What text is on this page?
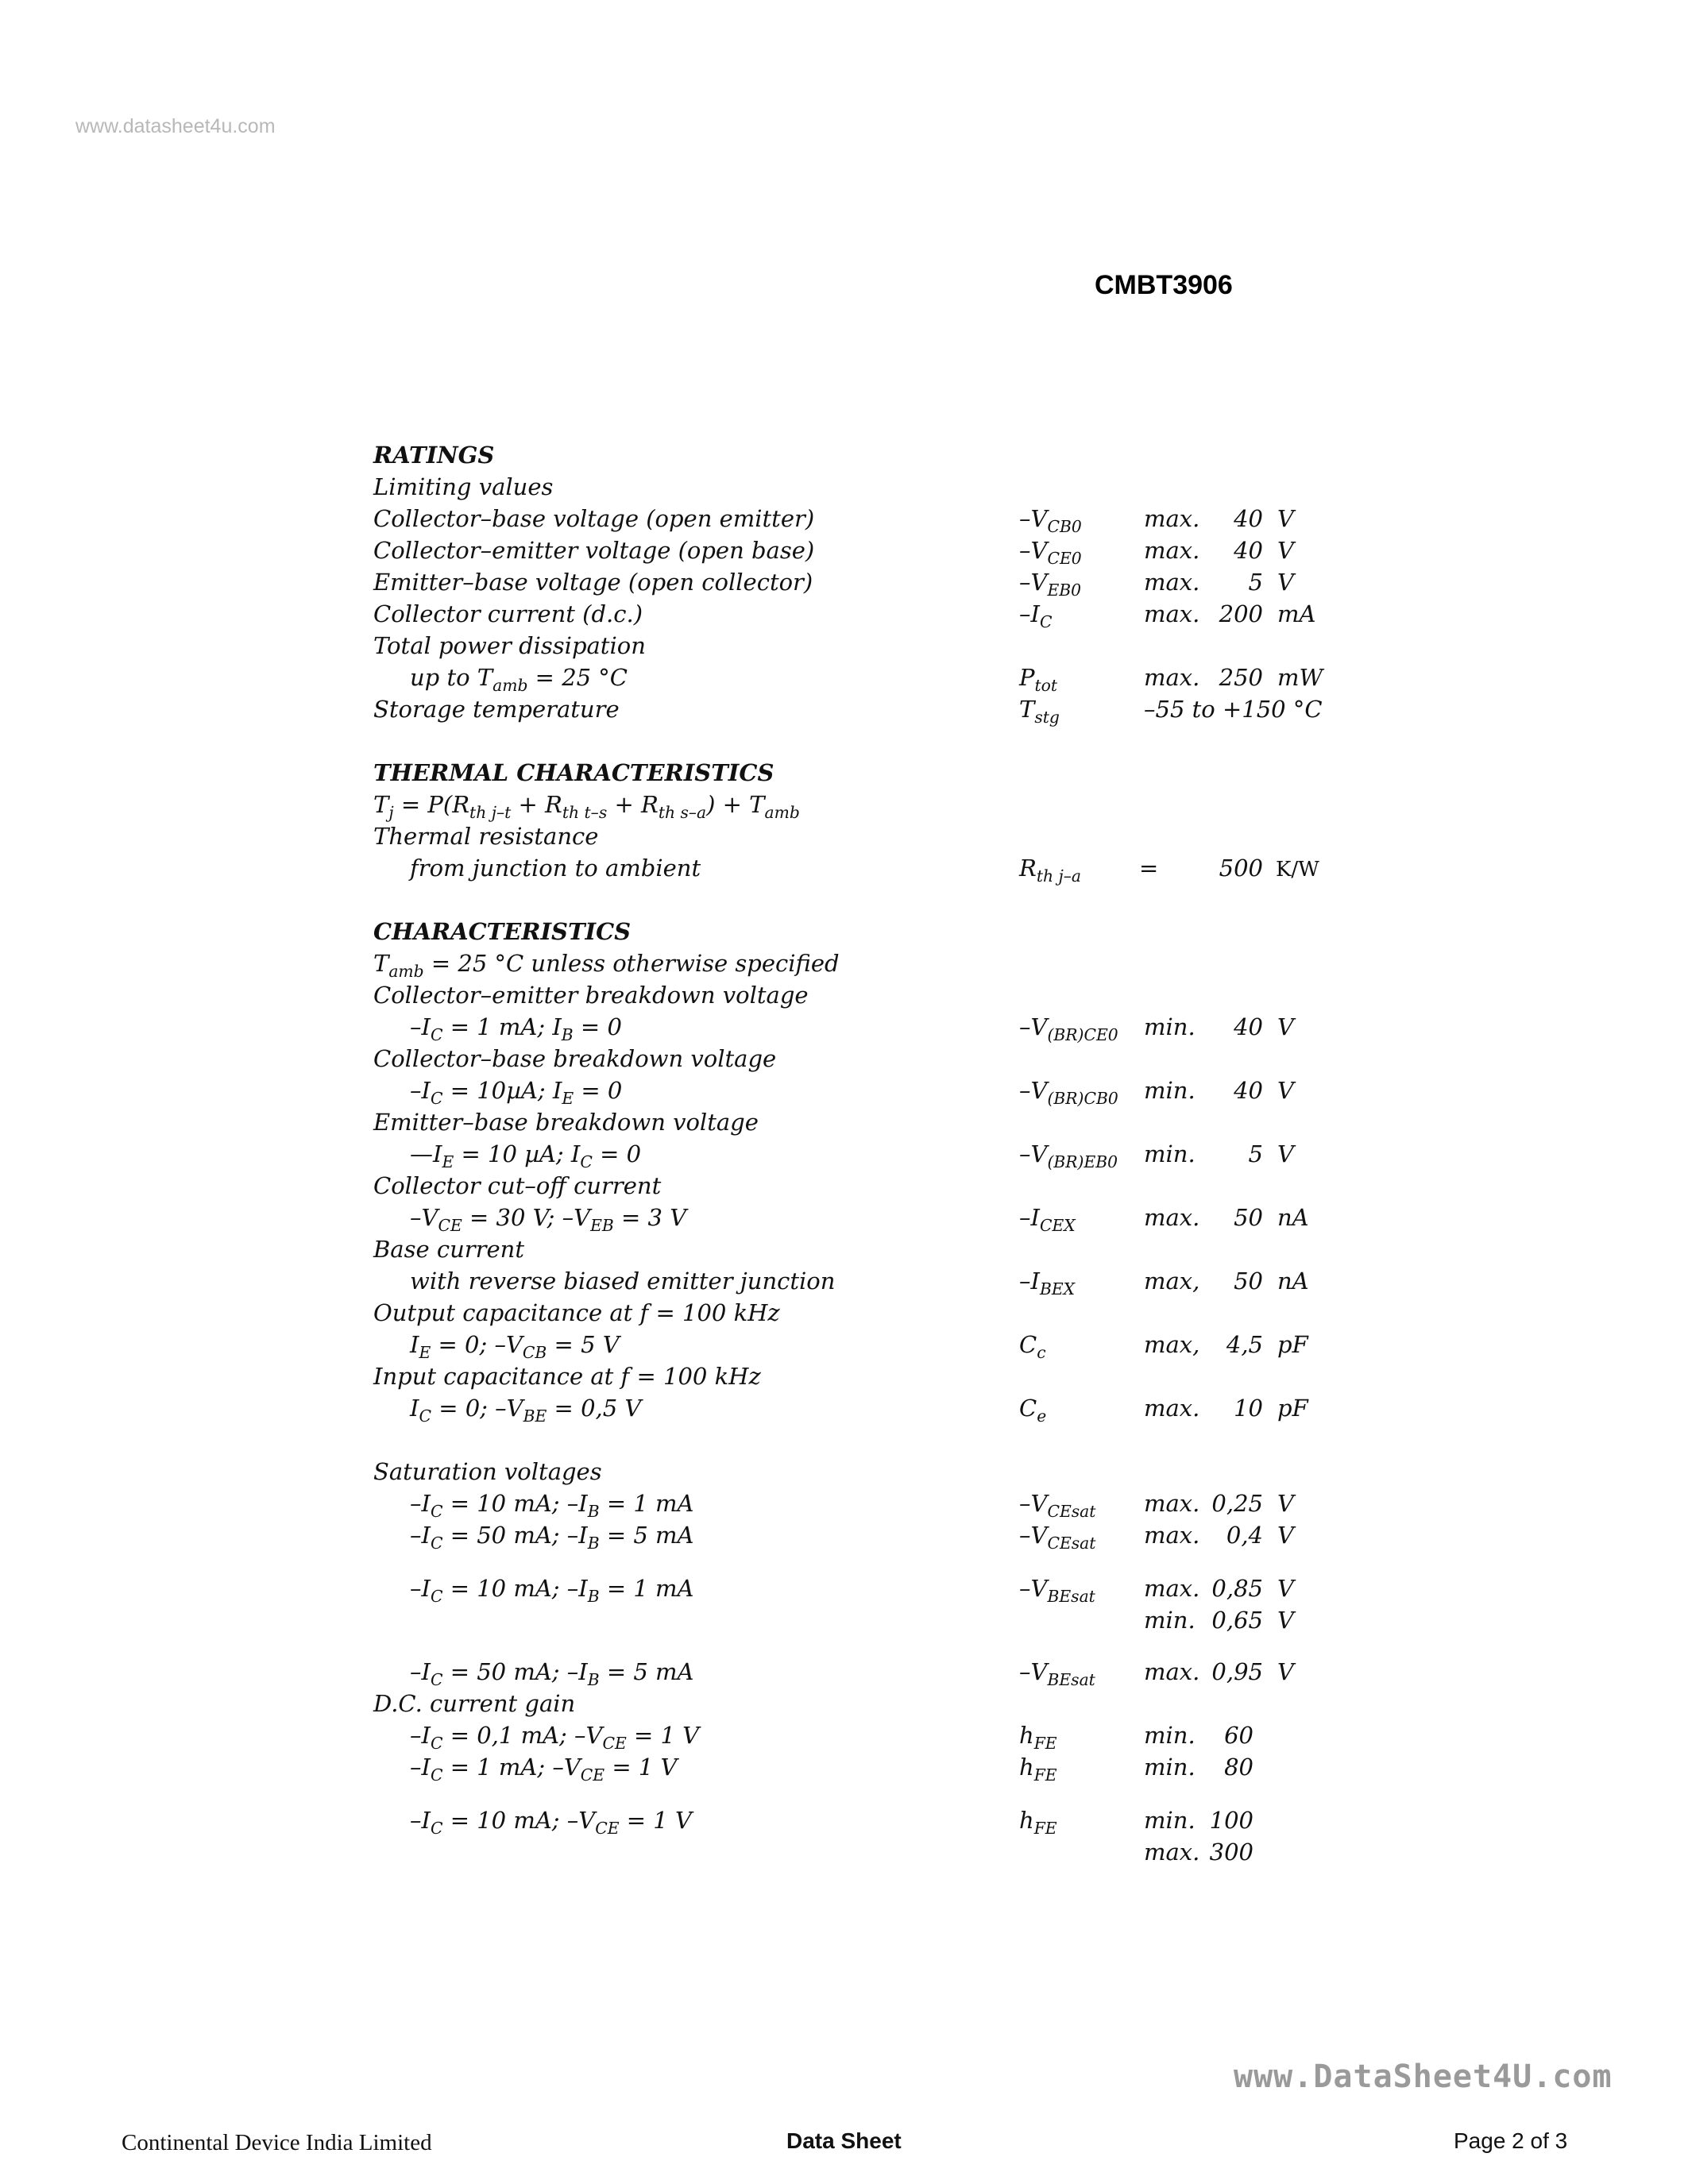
www.datasheet4u.com
CMBT3906
RATINGS
Limiting values
Collector–base voltage (open emitter)	$-V_{CB0}$	max.	40 V
Collector–emitter voltage (open base)	$-V_{CE0}$	max.	40 V
Emitter–base voltage (open collector)	$-V_{EB0}$	max.	5 V
Collector current (d.c.)	$-I_C$	max. 200 mA
Total power dissipation
up to $T_{amb} = 25$ °C	$P_{tot}$	max. 250 mW
Storage temperature	$T_{stg}$	–55 to +150 °C
THERMAL CHARACTERISTICS
$T_j = P(R_{th j-t} + R_{th t-s} + R_{th s-a}) + T_{amb}$
Thermal resistance
from junction to ambient	$R_{th j-a}$	=	500 K/W
CHARACTERISTICS
$T_{amb} = 25$ °C unless otherwise specified
Collector–emitter breakdown voltage
$-I_C = 1$ mA; $I_B = 0$	$-V_{(BR)CE0}$ min.	40 V
Collector–base breakdown voltage
$-I_C = 10\mu A$; $I_E = 0$	$-V_{(BR)CB0}$ min.	40 V
Emitter–base breakdown voltage
$—I_E = 10$ µA; $I_C = 0$	$-V_{(BR)EB0}$ min.	5 V
Collector cut–off current
$-V_{CE} = 30$ V; $-V_{EB} = 3$ V	$-I_{CEX}$	max.	50 nA
Base current
with reverse biased emitter junction	$-I_{BEX}$	max,	50 nA
Output capacitance at f = 100 kHz
$I_E = 0$; $-V_{CB} = 5$ V	$C_c$	max,	4,5 pF
Input capacitance at f = 100 kHz
$I_C = 0$; $-V_{BE} = 0,5$ V	$C_e$	max.	10 pF
Saturation voltages
$-I_C = 10$ mA; $-I_B = 1$ mA	$-V_{CEsat}$ max. 0,25 V
$-I_C = 50$ mA; $-I_B = 5$ mA	$-V_{CEsat}$ max.	0,4 V
$-I_C = 10$ mA; $-I_B = 1$ mA	$-V_{BEsat}$ max. 0,85 V
min. 0,65 V
$-I_C = 50$ mA; $-I_B = 5$ mA	$-V_{BEsat}$ max. 0,95 V
D.C. current gain
$-I_C = 0,1$ mA; $-V_{CE} = 1$ V	$h_{FE}$	min.	60
$-I_C = 1$ mA; $-V_{CE} = 1$ V	$h_{FE}$	min.	80
$-I_C = 10$ mA; $-V_{CE} = 1$ V	$h_{FE}$	min. 100
max. 300
www.DataSheet4U.com
Continental Device India Limited	Data Sheet	Page 2 of 3
